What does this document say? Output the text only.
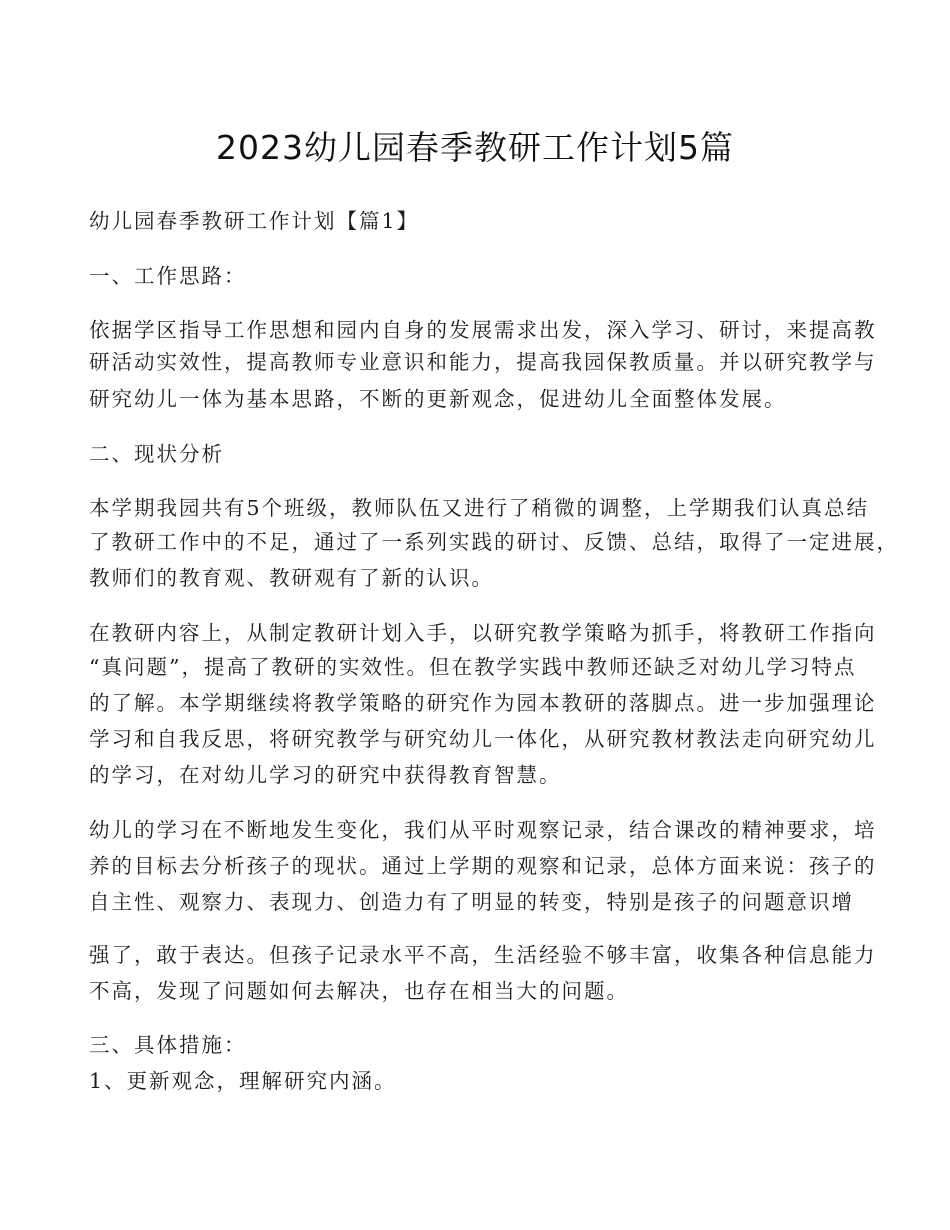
2023幼儿园春季教研工作计划5篇
幼儿园春季教研工作计划【篇1】
一、工作思路：
依据学区指导工作思想和园内自身的发展需求出发，深入学习、研讨，来提高教
研活动实效性，提高教师专业意识和能力，提高我园保教质量。并以研究教学与
研究幼儿一体为基本思路，不断的更新观念，促进幼儿全面整体发展。
二、现状分析
本学期我园共有5个班级，教师队伍又进行了稍微的调整，上学期我们认真总结
了教研工作中的不足，通过了一系列实践的研讨、反馈、总结，取得了一定进展，
教师们的教育观、教研观有了新的认识。
在教研内容上，从制定教研计划入手，以研究教学策略为抓手，将教研工作指向
“真问题”，提高了教研的实效性。但在教学实践中教师还缺乏对幼儿学习特点
的了解。本学期继续将教学策略的研究作为园本教研的落脚点。进一步加强理论
学习和自我反思，将研究教学与研究幼儿一体化，从研究教材教法走向研究幼儿
的学习，在对幼儿学习的研究中获得教育智慧。
幼儿的学习在不断地发生变化，我们从平时观察记录，结合课改的精神要求，培
养的目标去分析孩子的现状。通过上学期的观察和记录，总体方面来说：孩子的
自主性、观察力、表现力、创造力有了明显的转变，特别是孩子的问题意识增
强了，敢于表达。但孩子记录水平不高，生活经验不够丰富，收集各种信息能力
不高，发现了问题如何去解决，也存在相当大的问题。
三、具体措施：
1、更新观念，理解研究内涵。
